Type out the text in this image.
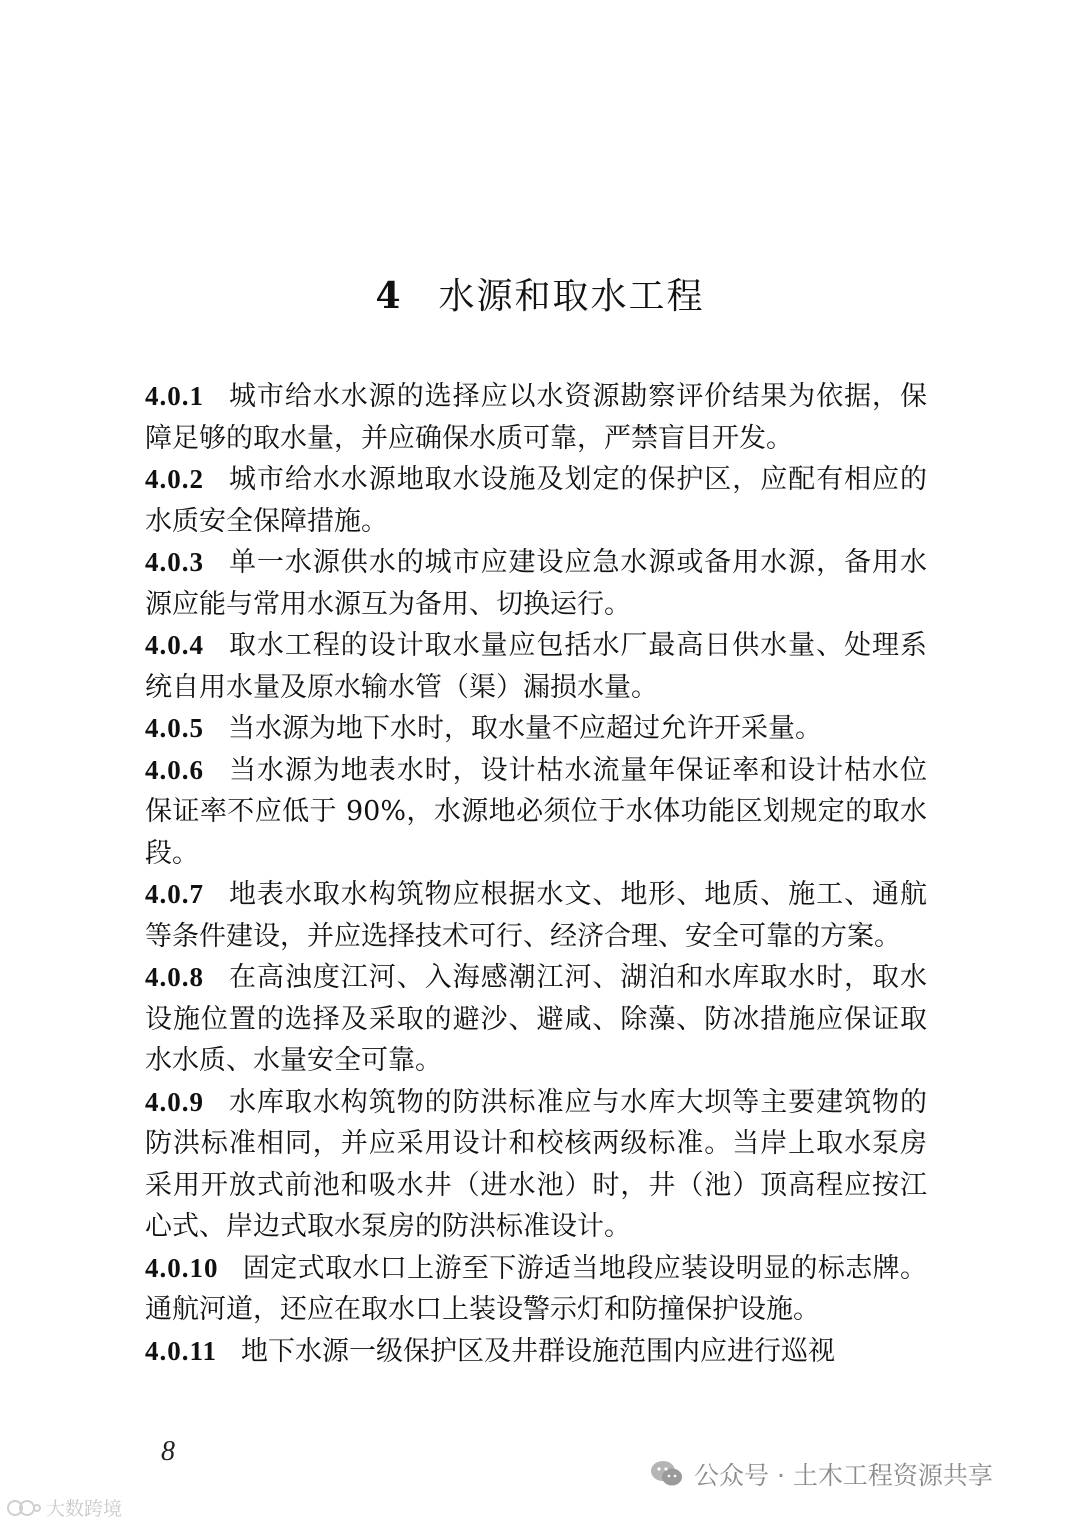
4 水源和取水工程

4.0.1 城市给水水源的选择应以水资源勘察评价结果为依据，保障足够的取水量，并应确保水质可靠，严禁盲目开发。

4.0.2 城市给水水源地取水设施及划定的保护区，应配有相应的水质安全保障措施。

4.0.3 单一水源供水的城市应建设应急水源或备用水源，备用水源应能与常用水源互为备用、切换运行。

4.0.4 取水工程的设计取水量应包括水厂最高日供水量、处理系统自用水量及原水输水管（渠）漏损水量。

4.0.5 当水源为地下水时，取水量不应超过允许开采量。

4.0.6 当水源为地表水时，设计枯水流量年保证率和设计枯水位保证率不应低于 90%，水源地必须位于水体功能区划规定的取水段。

4.0.7 地表水取水构筑物应根据水文、地形、地质、施工、通航等条件建设，并应选择技术可行、经济合理、安全可靠的方案。

4.0.8 在高浊度江河、入海感潮江河、湖泊和水库取水时，取水设施位置的选择及采取的避沙、避咸、除藻、防冰措施应保证取水水质、水量安全可靠。

4.0.9 水库取水构筑物的防洪标准应与水库大坝等主要建筑物的防洪标准相同，并应采用设计和校核两级标准。当岸上取水泵房采用开放式前池和吸水井（进水池）时，井（池）顶高程应按江心式、岸边式取水泵房的防洪标准设计。

4.0.10 固定式取水口上游至下游适当地段应装设明显的标志牌。通航河道，还应在取水口上装设警示灯和防撞保护设施。

4.0.11 地下水源一级保护区及井群设施范围内应进行巡视

8
公众号 · 土木工程资源共享
大数跨境
